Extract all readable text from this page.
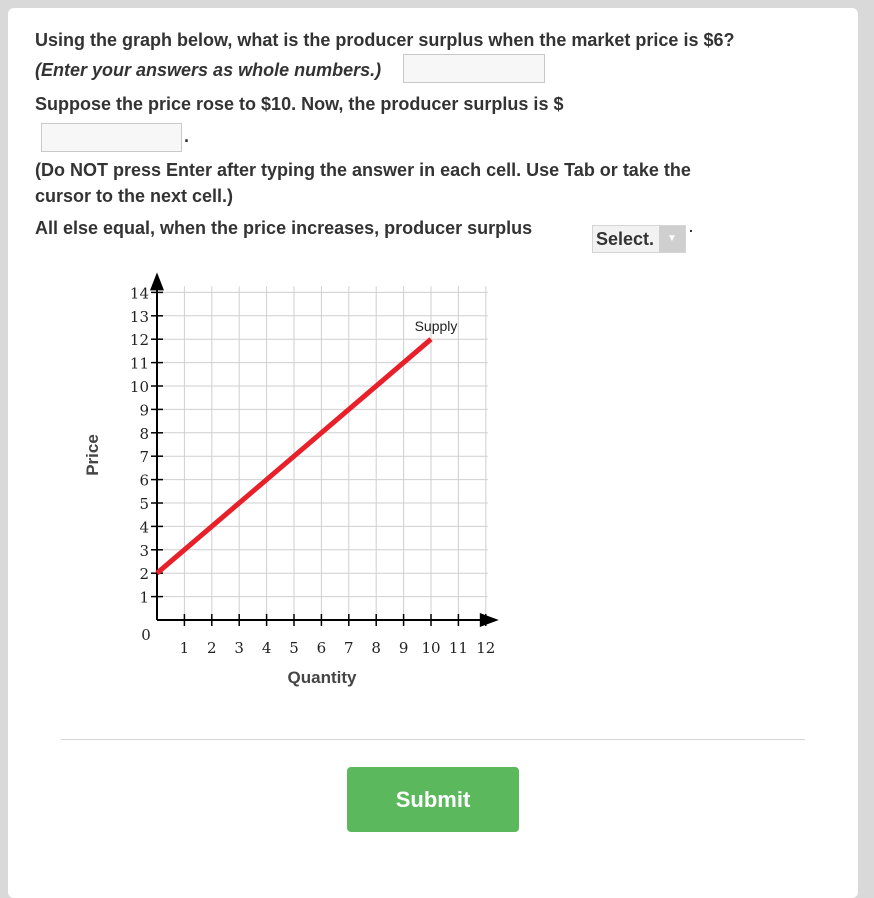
Using the graph below, what is the producer surplus when the market price is $6?

(Enter your answers as whole numbers.)

Suppose the price rose to $10. Now, the producer surplus is $

.

(Do NOT press Enter after typing the answer in each cell. Use Tab or take the

cursor to the next cell.)

All else equal, when the price increases, producer surplus

Select.	▼
.
1
2
3
4
5
6
7
8
9
10
11
12
13
14
1 2 3 4 5 6 7 8 9 10 11 12
0
Quantity
Price
Supply
Submit
